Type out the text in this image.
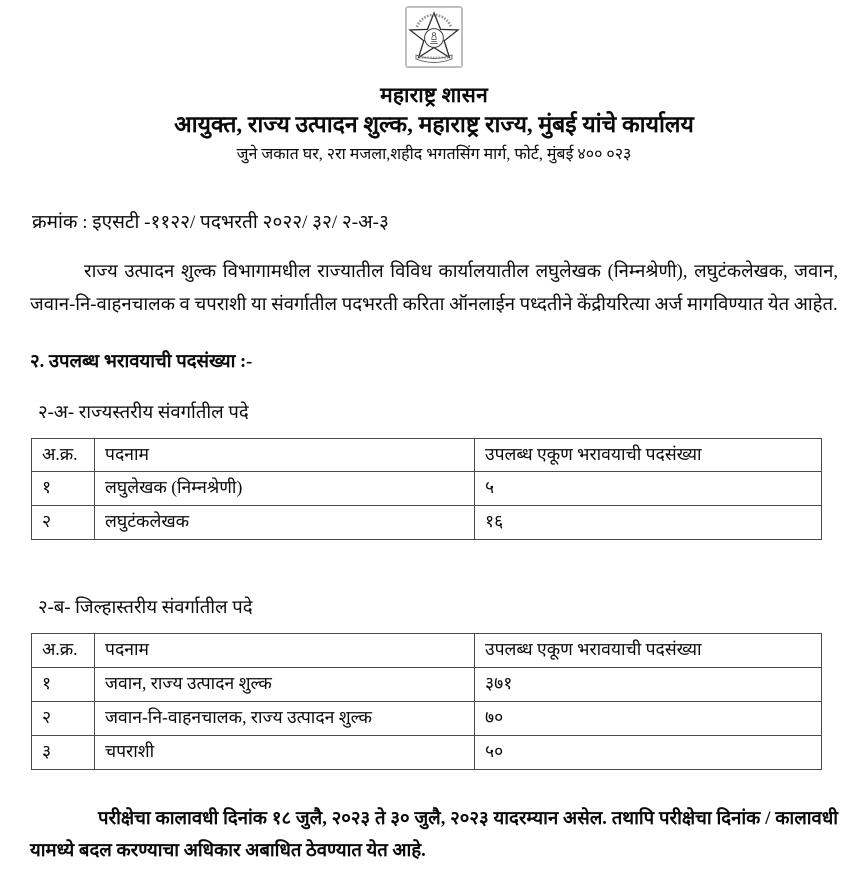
महाराष्ट्र शासन
आयुक्त, राज्य उत्पादन शुल्क, महाराष्ट्र राज्य, मुंबई यांचे कार्यालय
जुने जकात घर, २रा मजला,शहीद भगतसिंग मार्ग, फोर्ट, मुंबई ४०० ०२३
क्रमांक : इएसटी -११२२/ पदभरती २०२२/ ३२/ २-अ-३
राज्य उत्पादन शुल्क विभागामधील राज्यातील विविध कार्यालयातील लघुलेखक (निम्नश्रेणी), लघुटंकलेखक, जवान, जवान-नि-वाहनचालक व चपराशी या संवर्गातील पदभरती करिता ऑनलाईन पध्दतीने केंद्रीयरित्या अर्ज मागविण्यात येत आहेत.
२. उपलब्ध भरावयाची पदसंख्या :-
२-अ- राज्यस्तरीय संवर्गातील पदे
अ.क्र.	पदनाम	उपलब्ध एकूण भरावयाची पदसंख्या
१	लघुलेखक (निम्नश्रेणी)	५
२	लघुटंकलेखक	१६
२-ब- जिल्हास्तरीय संवर्गातील पदे
अ.क्र.	पदनाम	उपलब्ध एकूण भरावयाची पदसंख्या
१	जवान, राज्य उत्पादन शुल्क	३७१
२	जवान-नि-वाहनचालक, राज्य उत्पादन शुल्क	७०
३	चपराशी	५०
परीक्षेचा कालावधी दिनांक १८ जुलै, २०२३ ते ३० जुलै, २०२३ यादरम्यान असेल. तथापि परीक्षेचा दिनांक / कालावधी यामध्ये बदल करण्याचा अधिकार अबाधित ठेवण्यात येत आहे.
